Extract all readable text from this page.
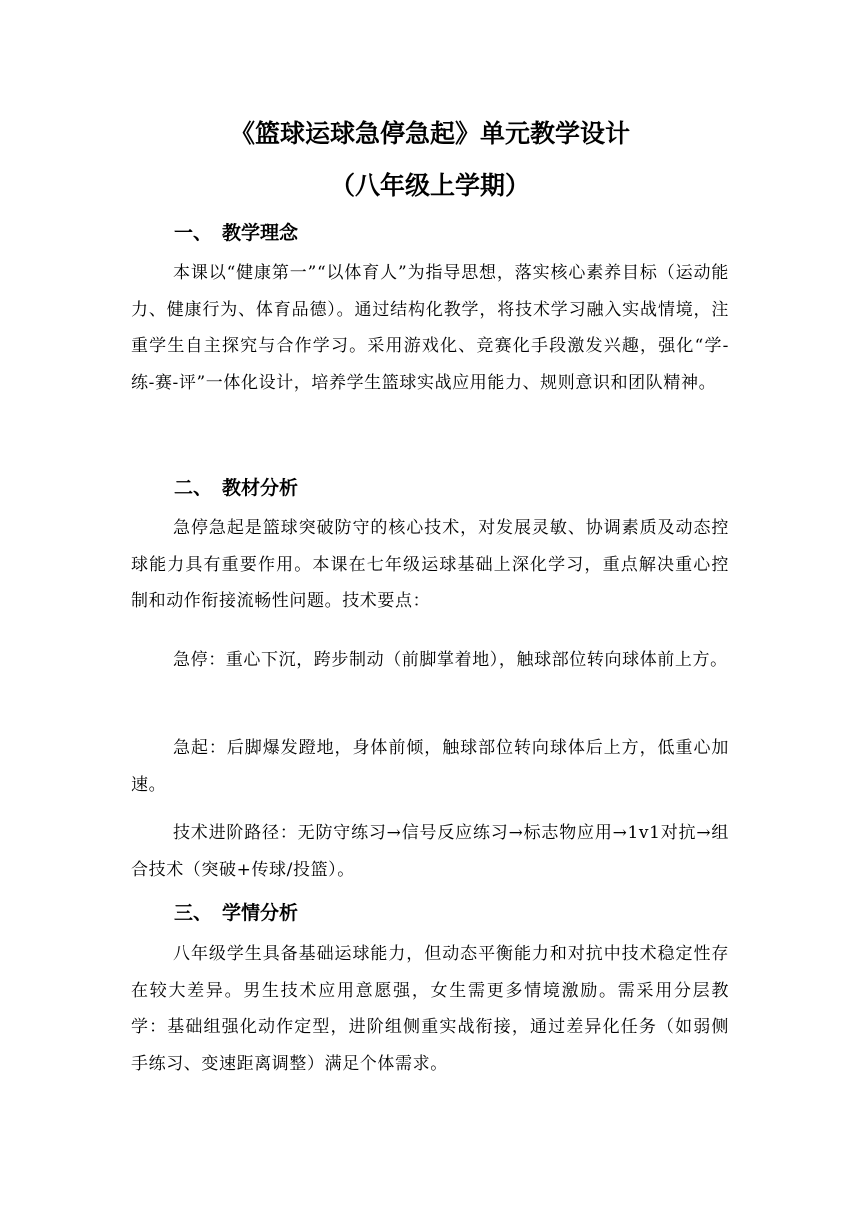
《篮球运球急停急起》单元教学设计
（八年级上学期）
一、 教学理念

本课以“健康第一”“以体育人”为指导思想，落实核心素养目标（运动能力、健康行为、体育品德）。通过结构化教学，将技术学习融入实战情境，注重学生自主探究与合作学习。采用游戏化、竞赛化手段激发兴趣，强化“学-练-赛-评”一体化设计，培养学生篮球实战应用能力、规则意识和团队精神。

二、 教材分析

急停急起是篮球突破防守的核心技术，对发展灵敏、协调素质及动态控球能力具有重要作用。本课在七年级运球基础上深化学习，重点解决重心控制和动作衔接流畅性问题。技术要点：

急停：重心下沉，跨步制动（前脚掌着地），触球部位转向球体前上方。

急起：后脚爆发蹬地，身体前倾，触球部位转向球体后上方，低重心加速。

技术进阶路径：无防守练习→信号反应练习→标志物应用→1v1对抗→组合技术（突破+传球/投篮）。

三、 学情分析

八年级学生具备基础运球能力，但动态平衡能力和对抗中技术稳定性存在较大差异。男生技术应用意愿强，女生需更多情境激励。需采用分层教学：基础组强化动作定型，进阶组侧重实战衔接，通过差异化任务（如弱侧手练习、变速距离调整）满足个体需求。
